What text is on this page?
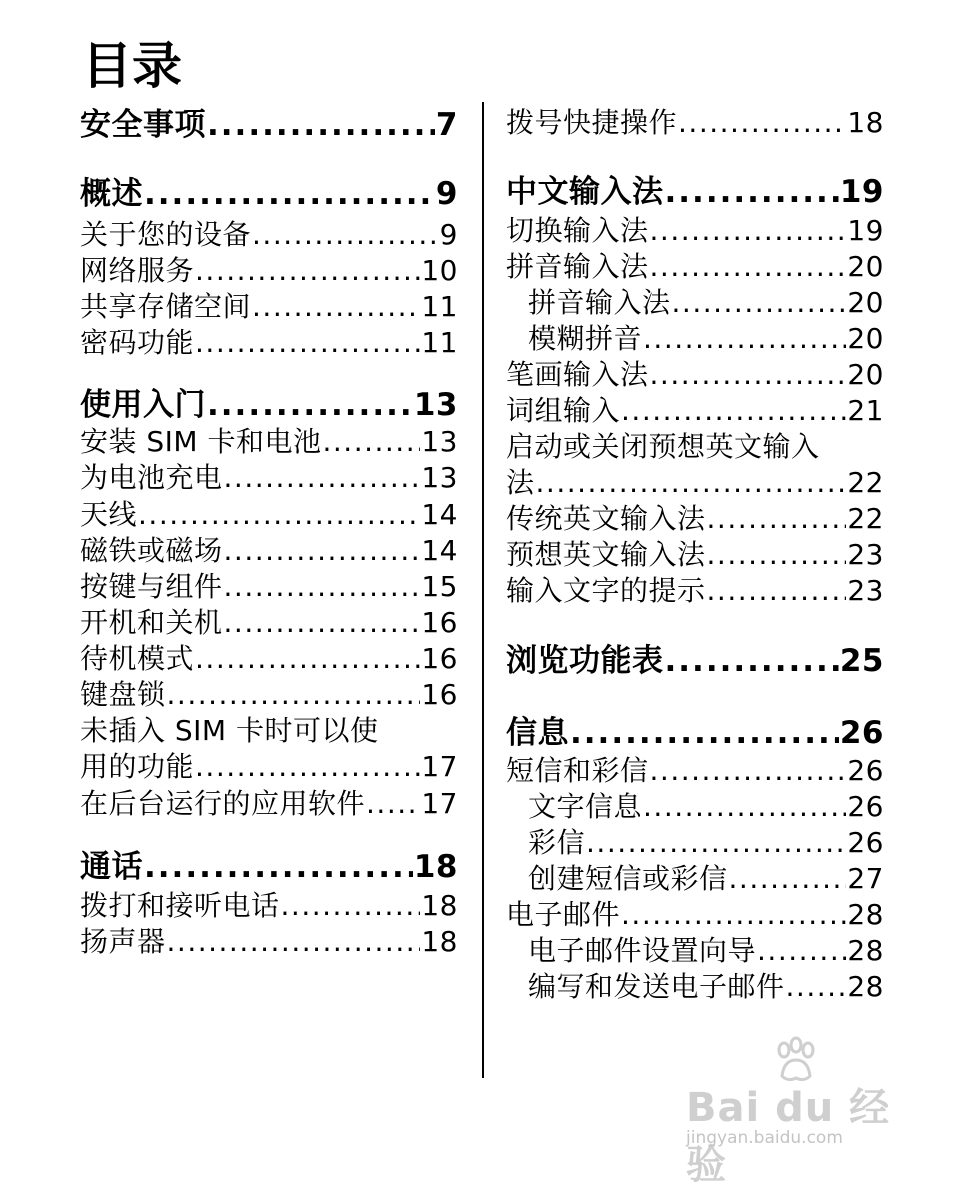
目录
安全事项 .....	7
概述 .....	9
关于您的设备 .....	9
网络服务 .....	10
共享存储空间 .....	11
密码功能 .....	11
使用入门 .....	13
安装 SIM 卡和电池 .....	13
为电池充电 .....	13
天线 .....	14
磁铁或磁场 .....	14
按键与组件 .....	15
开机和关机 .....	16
待机模式 .....	16
键盘锁 .....	16
未插入 SIM 卡时可以使
用的功能 .....	17
在后台运行的应用软件 ..... 17
通话 .....	18
拨打和接听电话 .....	18
扬声器 .....	18
拨号快捷操作 .....	18
中文输入法 .....	19
切换输入法 .....	19
拼音输入法 .....	20
拼音输入法 .....	20
模糊拼音 .....	20
笔画输入法 .....	20
词组输入 .....	21
启动或关闭预想英文输入
法 .....	22
传统英文输入法 .....	22
预想英文输入法 .....	23
输入文字的提示 .....	23
浏览功能表 .....	25
信息 .....	26
短信和彩信 .....	26
文字信息 .....	26
彩信 .....	26
创建短信或彩信 .....	27
电子邮件 .....	28
电子邮件设置向导 .....	28
编写和发送电子邮件 ..... 28
Bai du 经验
jingyan.baidu.com
